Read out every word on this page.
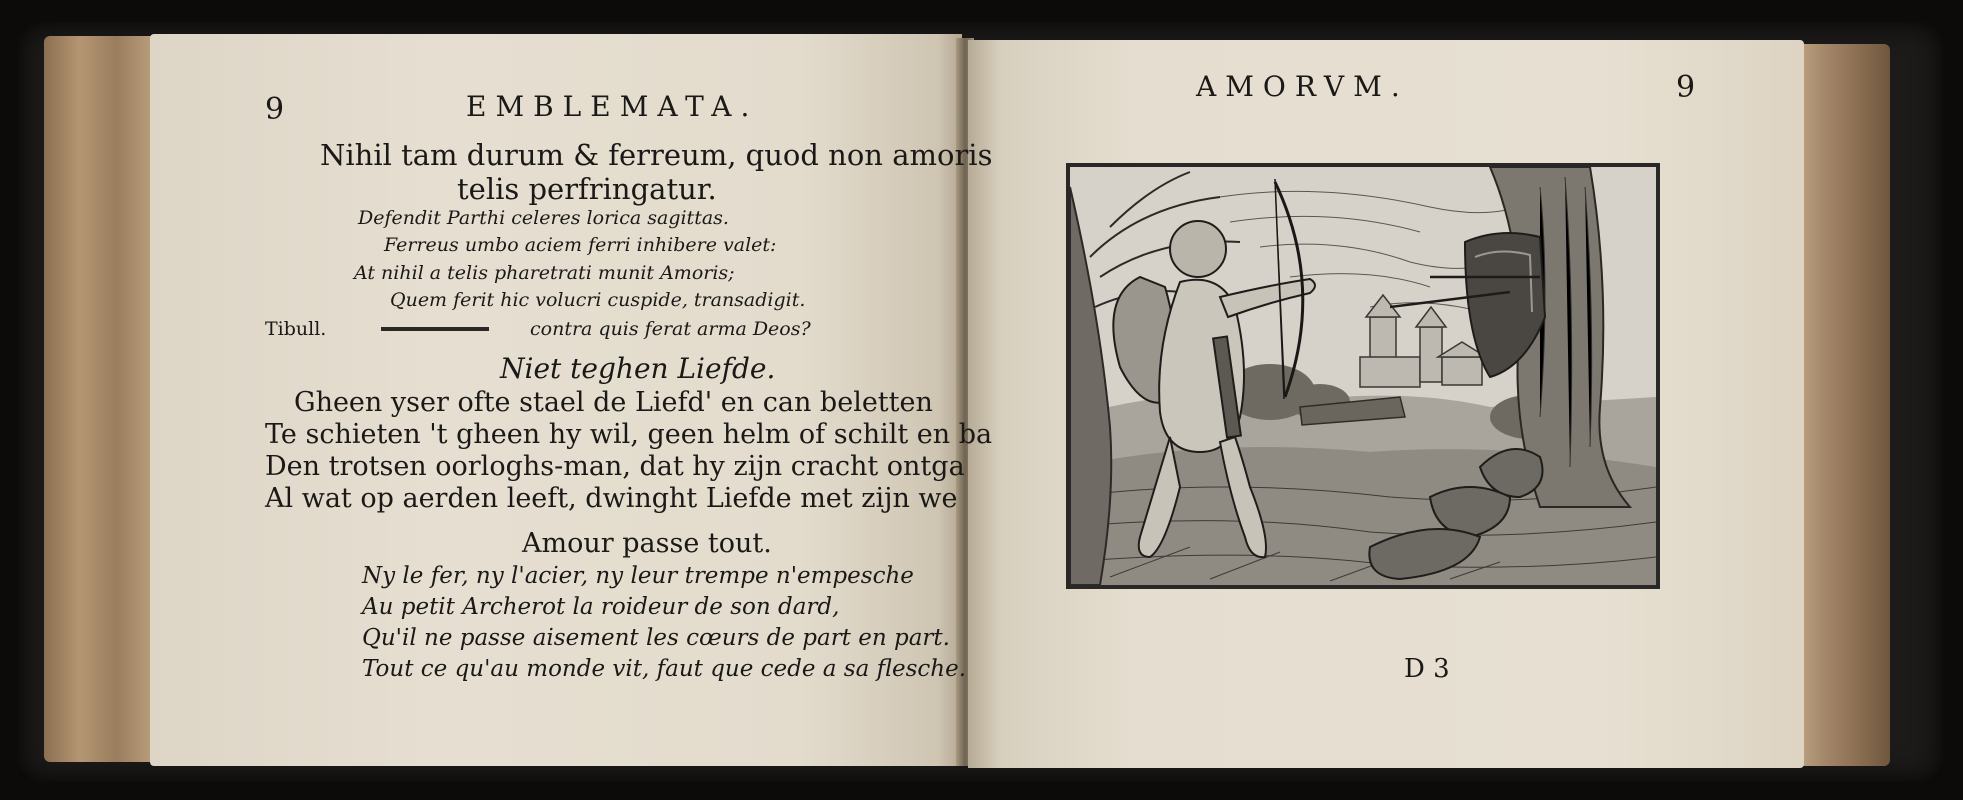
9	EMBLEMATA.
Nihil tam durum & ferreum, quod non amoris
telis perfringatur.
Defendit Parthi celeres lorica sagittas.
Ferreus umbo aciem ferri inhibere valet:
At nihil a telis pharetrati munit Amoris;
Quem ferit hic volucri cuspide, transadigit.
Tibull.	contra quis ferat arma Deos?
Niet teghen Liefde.
Gheen yser ofte stael de Liefd' en can beletten
Te schieten 't gheen hy wil, geen helm of schilt en ba
Den trotsen oorloghs-man, dat hy zijn cracht ontga
Al wat op aerden leeft, dwinght Liefde met zijn we
Amour passe tout.
Ny le fer, ny l'acier, ny leur trempe n'empesche
Au petit Archerot la roideur de son dard,
Qu'il ne passe aisement les cœurs de part en part.
Tout ce qu'au monde vit, faut que cede a sa flesche.
AMORVM.	9
D 3
